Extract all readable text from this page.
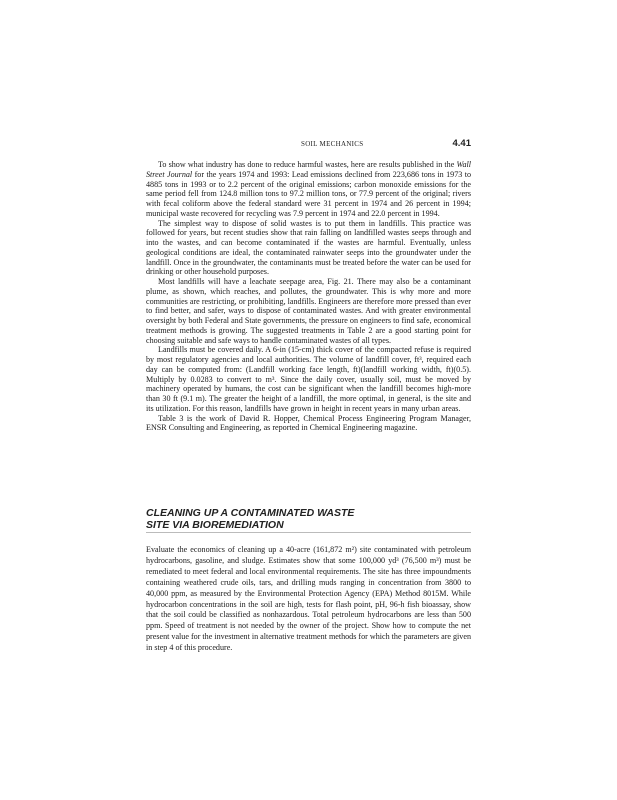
SOIL MECHANICS	4.41

To show what industry has done to reduce harmful wastes, here are results published in the Wall Street Journal for the years 1974 and 1993: Lead emissions declined from 223,686 tons in 1973 to 4885 tons in 1993 or to 2.2 percent of the original emissions; carbon monoxide emissions for the same period fell from 124.8 million tons to 97.2 million tons, or 77.9 percent of the original; rivers with fecal coliform above the federal standard were 31 percent in 1974 and 26 percent in 1994; municipal waste recovered for recycling was 7.9 percent in 1974 and 22.0 percent in 1994.

The simplest way to dispose of solid wastes is to put them in landfills. This practice was followed for years, but recent studies show that rain falling on landfilled wastes seeps through and into the wastes, and can become contaminated if the wastes are harmful. Eventually, unless geological conditions are ideal, the contaminated rainwater seeps into the groundwater under the landfill. Once in the groundwater, the contaminants must be treated before the water can be used for drinking or other household purposes.

Most landfills will have a leachate seepage area, Fig. 21. There may also be a contaminant plume, as shown, which reaches, and pollutes, the groundwater. This is why more and more communities are restricting, or prohibiting, landfills. Engineers are therefore more pressed than ever to find better, and safer, ways to dispose of contaminated wastes. And with greater environmental oversight by both Federal and State governments, the pressure on engineers to find safe, economical treatment methods is growing. The suggested treatments in Table 2 are a good starting point for choosing suitable and safe ways to handle contaminated wastes of all types.

Landfills must be covered daily. A 6-in (15-cm) thick cover of the compacted refuse is required by most regulatory agencies and local authorities. The volume of landfill cover, ft³, required each day can be computed from: (Landfill working face length, ft)(landfill working width, ft)(0.5). Multiply by 0.0283 to convert to m³. Since the daily cover, usually soil, must be moved by machinery operated by humans, the cost can be significant when the landfill becomes high-more than 30 ft (9.1 m). The greater the height of a landfill, the more optimal, in general, is the site and its utilization. For this reason, landfills have grown in height in recent years in many urban areas.

Table 3 is the work of David R. Hopper, Chemical Process Engineering Program Manager, ENSR Consulting and Engineering, as reported in Chemical Engineering magazine.

CLEANING UP A CONTAMINATED WASTE
SITE VIA BIOREMEDIATION

Evaluate the economics of cleaning up a 40-acre (161,872 m²) site contaminated with petroleum hydrocarbons, gasoline, and sludge. Estimates show that some 100,000 yd³ (76,500 m³) must be remediated to meet federal and local environmental requirements. The site has three impoundments containing weathered crude oils, tars, and drilling muds ranging in concentration from 3800 to 40,000 ppm, as measured by the Environmental Protection Agency (EPA) Method 8015M. While hydrocarbon concentrations in the soil are high, tests for flash point, pH, 96-h fish bioassay, show that the soil could be classified as nonhazardous. Total petroleum hydrocarbons are less than 500 ppm. Speed of treatment is not needed by the owner of the project. Show how to compute the net present value for the investment in alternative treatment methods for which the parameters are given in step 4 of this procedure.
